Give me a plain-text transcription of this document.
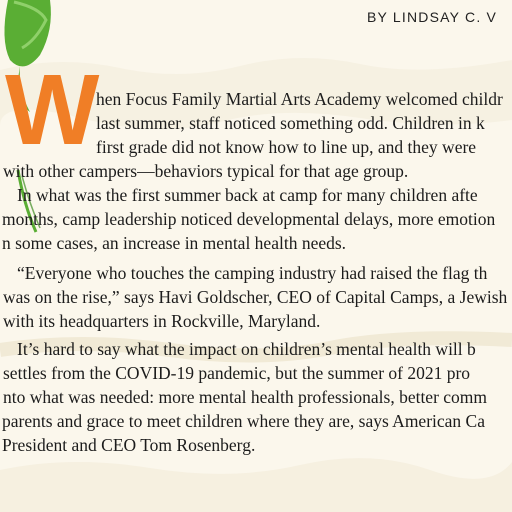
BY LINDSAY C. V
W
hen Focus Family Martial Arts Academy welcomed childr
last summer, staff noticed something odd. Children in k
first grade did not know how to line up, and they were
with other campers—behaviors typical for that age group.
In what was the first summer back at camp for many children afte
months, camp leadership noticed developmental delays, more emotion
n some cases, an increase in mental health needs.
“Everyone who touches the camping industry had raised the flag th
was on the rise,” says Havi Goldscher, CEO of Capital Camps, a Jewish
with its headquarters in Rockville, Maryland.
It’s hard to say what the impact on children’s mental health will b
settles from the COVID-19 pandemic, but the summer of 2021 pro
nto what was needed: more mental health professionals, better comm
parents and grace to meet children where they are, says American Ca
President and CEO Tom Rosenberg.
